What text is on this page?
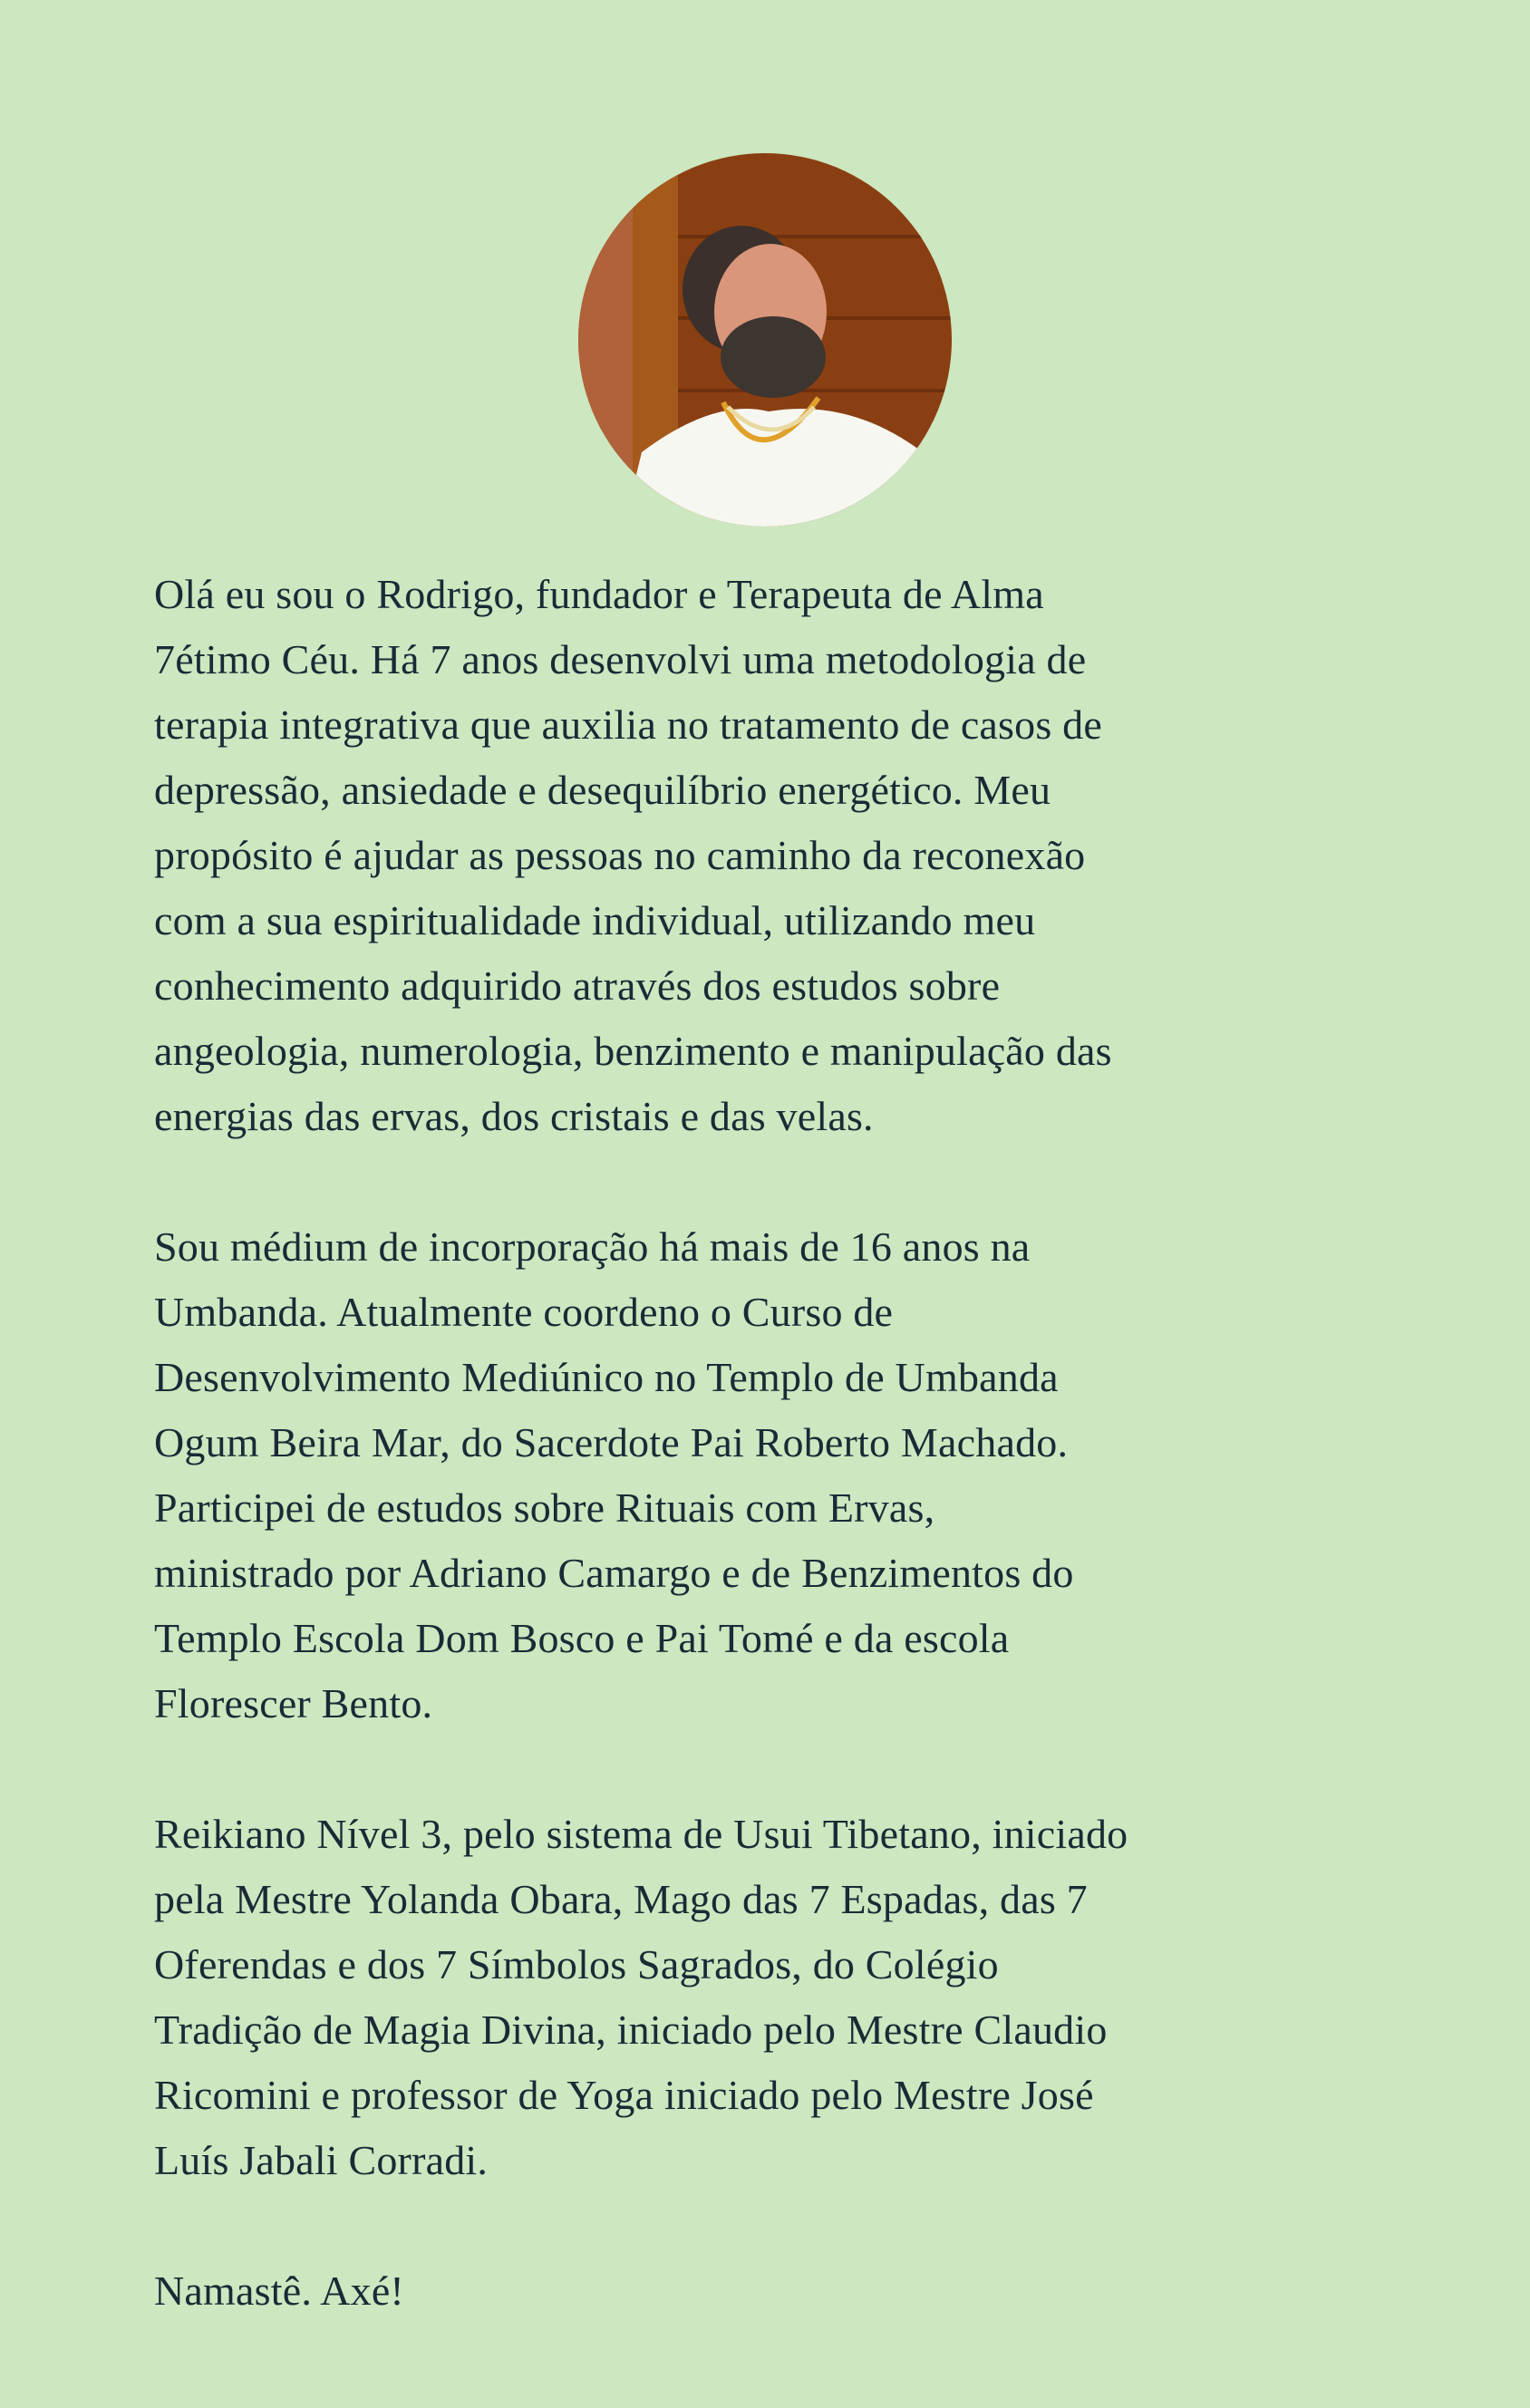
Olá eu sou o Rodrigo, fundador e Terapeuta de Alma
7étimo Céu. Há 7 anos desenvolvi uma metodologia de
terapia integrativa que auxilia no tratamento de casos de
depressão, ansiedade e desequilíbrio energético. Meu
propósito é ajudar as pessoas no caminho da reconexão
com a sua espiritualidade individual, utilizando meu
conhecimento adquirido através dos estudos sobre
angeologia, numerologia, benzimento e manipulação das
energias das ervas, dos cristais e das velas.

Sou médium de incorporação há mais de 16 anos na
Umbanda. Atualmente coordeno o Curso de
Desenvolvimento Mediúnico no Templo de Umbanda
Ogum Beira Mar, do Sacerdote Pai Roberto Machado.
Participei de estudos sobre Rituais com Ervas,
ministrado por Adriano Camargo e de Benzimentos do
Templo Escola Dom Bosco e Pai Tomé e da escola
Florescer Bento.

Reikiano Nível 3, pelo sistema de Usui Tibetano, iniciado
pela Mestre Yolanda Obara, Mago das 7 Espadas, das 7
Oferendas e dos 7 Símbolos Sagrados, do Colégio
Tradição de Magia Divina, iniciado pelo Mestre Claudio
Ricomini e professor de Yoga iniciado pelo Mestre José
Luís Jabali Corradi.

Namastê. Axé!
